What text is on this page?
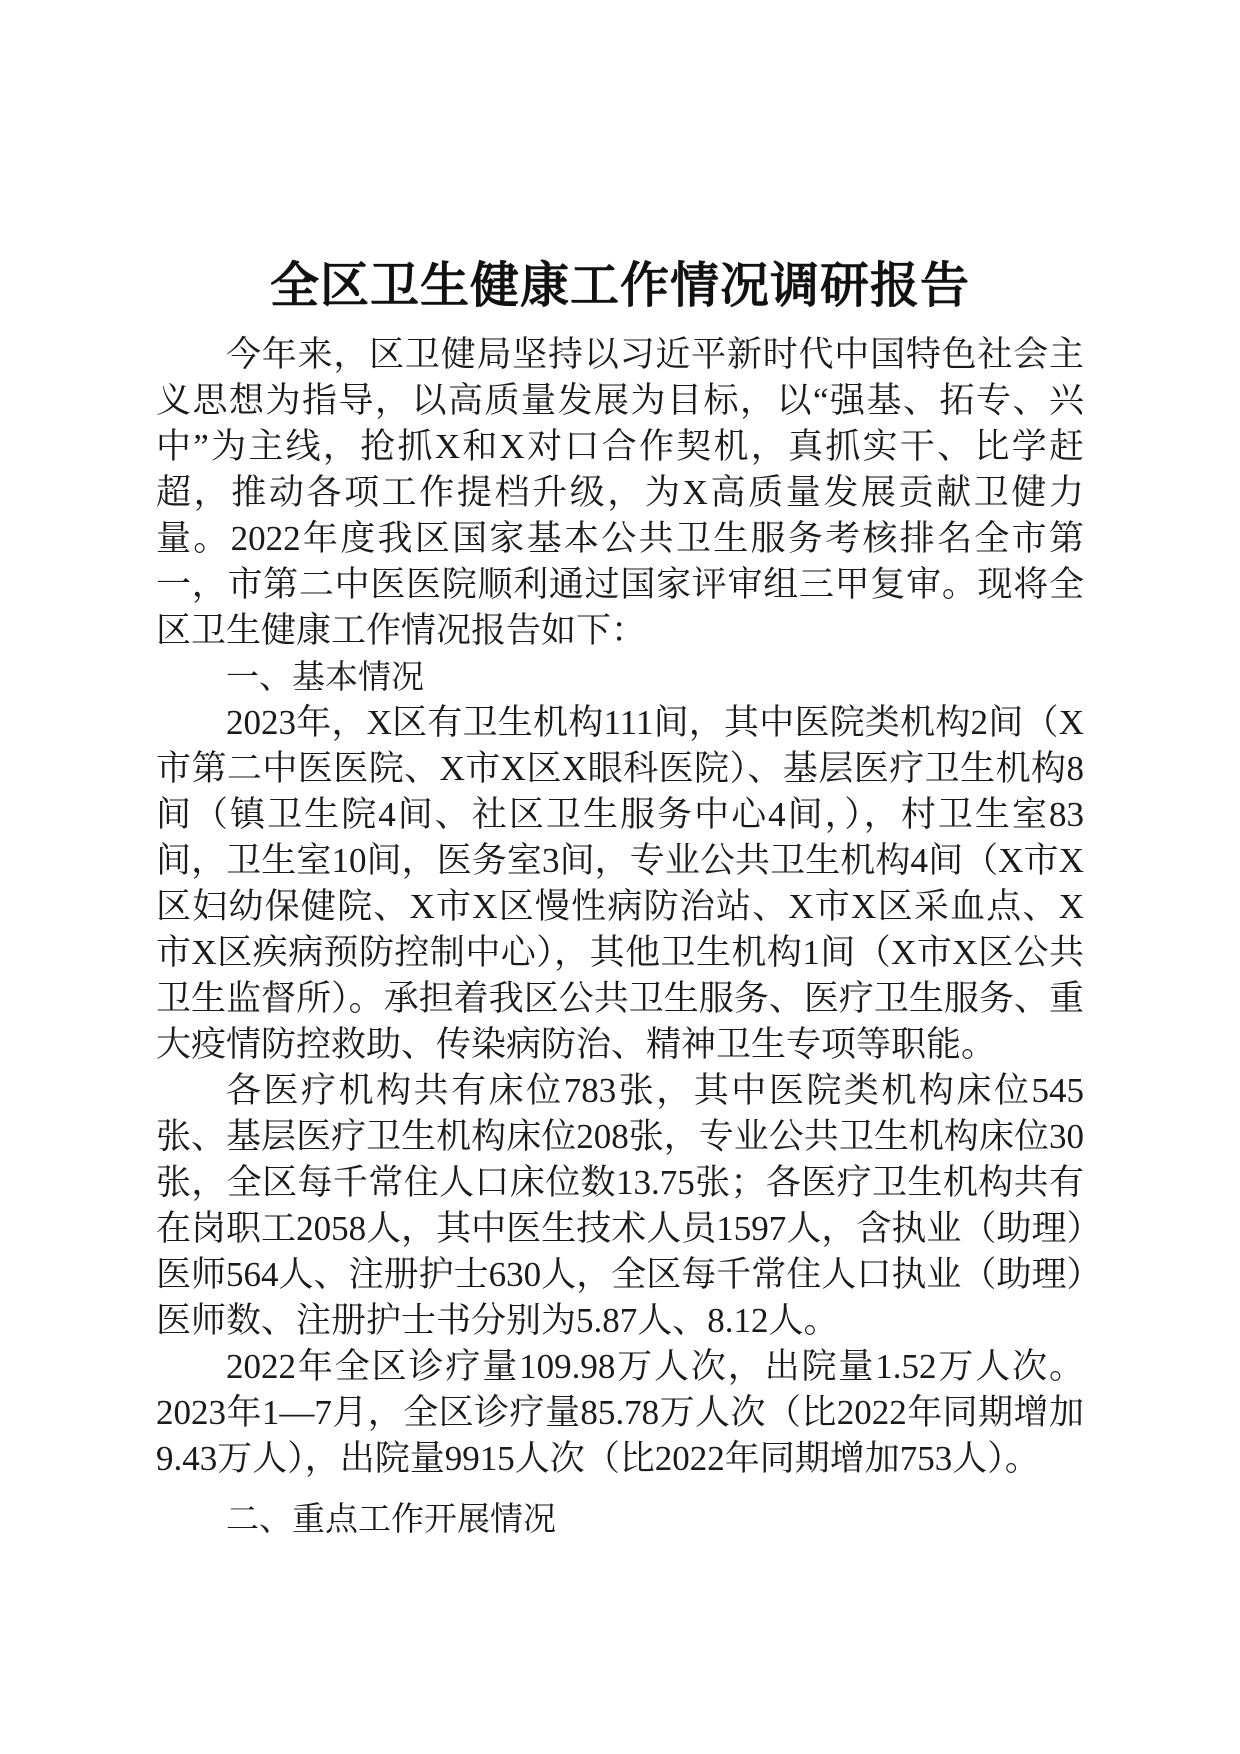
全区卫生健康工作情况调研报告

今年来，区卫健局坚持以习近平新时代中国特色社会主义思想为指导，以高质量发展为目标，以“强基、拓专、兴中”为主线，抢抓X和X对口合作契机，真抓实干、比学赶超，推动各项工作提档升级，为X高质量发展贡献卫健力量。2022年度我区国家基本公共卫生服务考核排名全市第一，市第二中医医院顺利通过国家评审组三甲复审。现将全区卫生健康工作情况报告如下：

一、基本情况

2023年，X区有卫生机构111间，其中医院类机构2间（X市第二中医医院、X市X区X眼科医院）、基层医疗卫生机构8间（镇卫生院4间、社区卫生服务中心4间，），村卫生室83间，卫生室10间，医务室3间，专业公共卫生机构4间（X市X区妇幼保健院、X市X区慢性病防治站、X市X区采血点、X市X区疾病预防控制中心），其他卫生机构1间（X市X区公共卫生监督所）。承担着我区公共卫生服务、医疗卫生服务、重大疫情防控救助、传染病防治、精神卫生专项等职能。

各医疗机构共有床位783张，其中医院类机构床位545张、基层医疗卫生机构床位208张，专业公共卫生机构床位30张，全区每千常住人口床位数13.75张；各医疗卫生机构共有在岗职工2058人，其中医生技术人员1597人，含执业（助理）医师564人、注册护士630人，全区每千常住人口执业（助理）医师数、注册护士书分别为5.87人、8.12人。

2022年全区诊疗量109.98万人次，出院量1.52万人次。2023年1—7月，全区诊疗量85.78万人次（比2022年同期增加9.43万人），出院量9915人次（比2022年同期增加753人）。

二、重点工作开展情况
